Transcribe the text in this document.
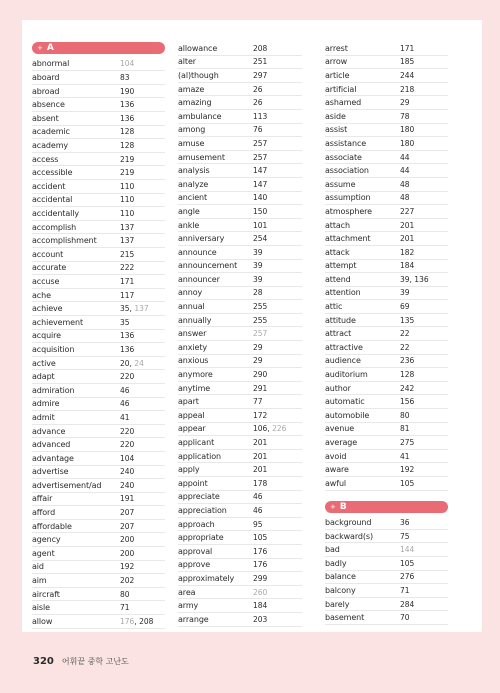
+ A
abnormal	104
aboard	83
abroad	190
absence	136
absent	136
academic	128
academy	128
access	219
accessible	219
accident	110
accidental	110
accidentally	110
accomplish	137
accomplishment	137
account	215
accurate	222
accuse	171
ache	117
achieve	35, 137
achievement	35
acquire	136
acquisition	136
active	20, 24
adapt	220
admiration	46
admire	46
admit	41
advance	220
advanced	220
advantage	104
advertise	240
advertisement/ad	240
affair	191
afford	207
affordable	207
agency	200
agent	200
aid	192
aim	202
aircraft	80
aisle	71
allow	176, 208
allowance	208
alter	251
(al)though	297
amaze	26
amazing	26
ambulance	113
among	76
amuse	257
amusement	257
analysis	147
analyze	147
ancient	140
angle	150
ankle	101
anniversary	254
announce	39
announcement	39
announcer	39
annoy	28
annual	255
annually	255
answer	257
anxiety	29
anxious	29
anymore	290
anytime	291
apart	77
appeal	172
appear	106, 226
applicant	201
application	201
apply	201
appoint	178
appreciate	46
appreciation	46
approach	95
appropriate	105
approval	176
approve	176
approximately	299
area	260
army	184
arrange	203
arrest	171
arrow	185
article	244
artificial	218
ashamed	29
aside	78
assist	180
assistance	180
associate	44
association	44
assume	48
assumption	48
atmosphere	227
attach	201
attachment	201
attack	182
attempt	184
attend	39, 136
attention	39
attic	69
attitude	135
attract	22
attractive	22
audience	236
auditorium	128
author	242
automatic	156
automobile	80
avenue	81
average	275
avoid	41
aware	192
awful	105
+ B
background	36
backward(s)	75
bad	144
badly	105
balance	276
balcony	71
barely	284
basement	70
320 어휘끝 중학 고난도
